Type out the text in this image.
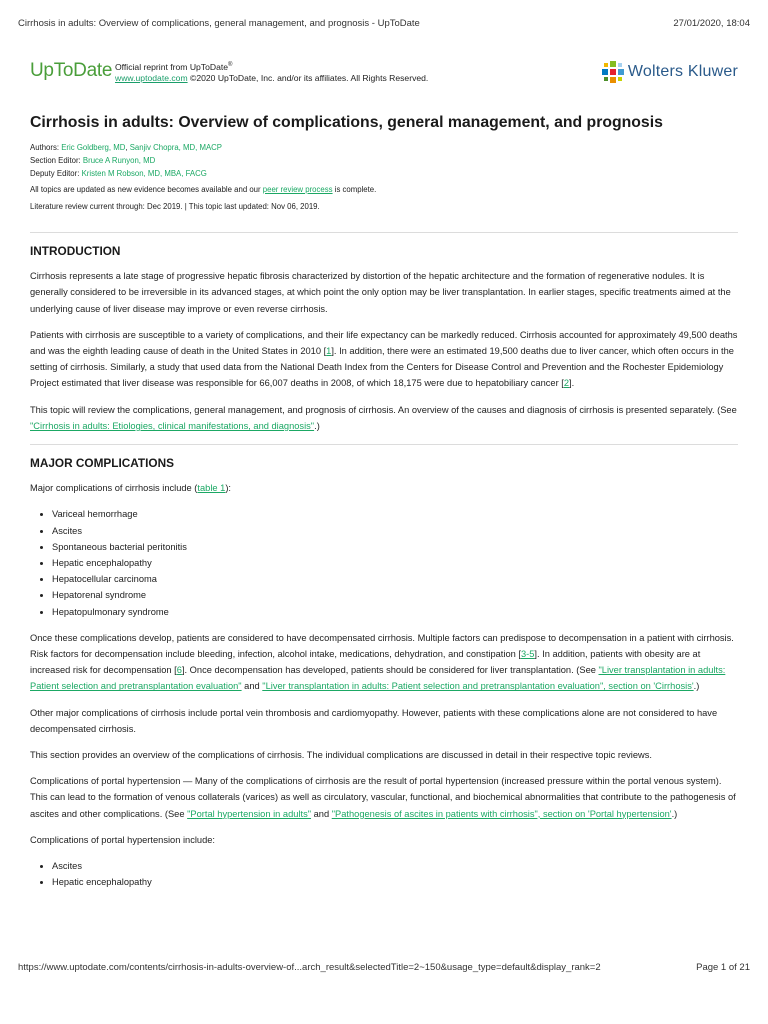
Cirrhosis in adults: Overview of complications, general management, and prognosis - UpToDate	27/01/2020, 18:04
UpToDate Official reprint from UpToDate®
www.uptodate.com ©2020 UpToDate, Inc. and/or its affiliates. All Rights Reserved.	Wolters Kluwer
Cirrhosis in adults: Overview of complications, general management, and prognosis
Authors: Eric Goldberg, MD, Sanjiv Chopra, MD, MACP
Section Editor: Bruce A Runyon, MD
Deputy Editor: Kristen M Robson, MD, MBA, FACG
All topics are updated as new evidence becomes available and our peer review process is complete.
Literature review current through: Dec 2019. | This topic last updated: Nov 06, 2019.
INTRODUCTION

Cirrhosis represents a late stage of progressive hepatic fibrosis characterized by distortion of the hepatic architecture and the formation of regenerative nodules. It is generally considered to be irreversible in its advanced stages, at which point the only option may be liver transplantation. In earlier stages, specific treatments aimed at the underlying cause of liver disease may improve or even reverse cirrhosis.

Patients with cirrhosis are susceptible to a variety of complications, and their life expectancy can be markedly reduced. Cirrhosis accounted for approximately 49,500 deaths and was the eighth leading cause of death in the United States in 2010 [1]. In addition, there were an estimated 19,500 deaths due to liver cancer, which often occurs in the setting of cirrhosis. Similarly, a study that used data from the National Death Index from the Centers for Disease Control and Prevention and the Rochester Epidemiology Project estimated that liver disease was responsible for 66,007 deaths in 2008, of which 18,175 were due to hepatobiliary cancer [2].

This topic will review the complications, general management, and prognosis of cirrhosis. An overview of the causes and diagnosis of cirrhosis is presented separately. (See "Cirrhosis in adults: Etiologies, clinical manifestations, and diagnosis".)

MAJOR COMPLICATIONS

Major complications of cirrhosis include (table 1):

• Variceal hemorrhage
• Ascites
• Spontaneous bacterial peritonitis
• Hepatic encephalopathy
• Hepatocellular carcinoma
• Hepatorenal syndrome
• Hepatopulmonary syndrome

Once these complications develop, patients are considered to have decompensated cirrhosis. Multiple factors can predispose to decompensation in a patient with cirrhosis. Risk factors for decompensation include bleeding, infection, alcohol intake, medications, dehydration, and constipation [3-5]. In addition, patients with obesity are at increased risk for decompensation [6]. Once decompensation has developed, patients should be considered for liver transplantation. (See "Liver transplantation in adults: Patient selection and pretransplantation evaluation" and "Liver transplantation in adults: Patient selection and pretransplantation evaluation", section on 'Cirrhosis'.)

Other major complications of cirrhosis include portal vein thrombosis and cardiomyopathy. However, patients with these complications alone are not considered to have decompensated cirrhosis.

This section provides an overview of the complications of cirrhosis. The individual complications are discussed in detail in their respective topic reviews.

Complications of portal hypertension — Many of the complications of cirrhosis are the result of portal hypertension (increased pressure within the portal venous system). This can lead to the formation of venous collaterals (varices) as well as circulatory, vascular, functional, and biochemical abnormalities that contribute to the pathogenesis of ascites and other complications. (See "Portal hypertension in adults" and "Pathogenesis of ascites in patients with cirrhosis", section on 'Portal hypertension'.)

Complications of portal hypertension include:

• Ascites
• Hepatic encephalopathy
https://www.uptodate.com/contents/cirrhosis-in-adults-overview-of...arch_result&selectedTitle=2~150&usage_type=default&display_rank=2	Page 1 of 21
